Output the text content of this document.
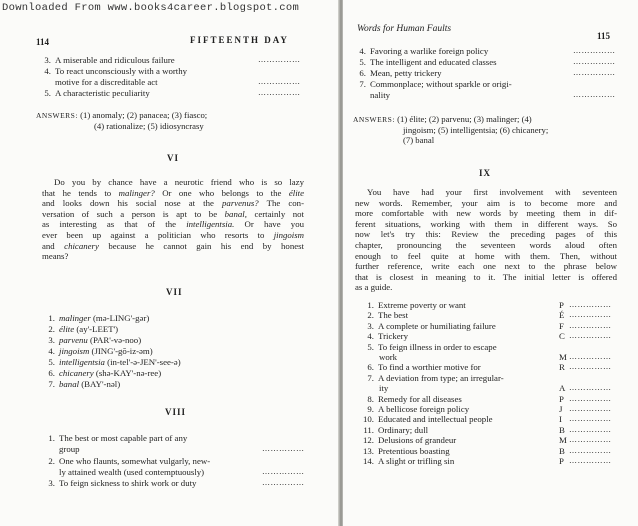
114	FIFTEENTH DAY
3. A miserable and ridiculous failure	……………
4. To react unconsciously with a worthy
motive for a discreditable act	……………
5. A characteristic peculiarity	……………
ANSWERS: (1) anomaly; (2) panacea; (3) fiasco;
(4) rationalize; (5) idiosyncrasy
VI
Do you by chance have a neurotic friend who is so lazy
that he tends to malinger? Or one who belongs to the élite
and looks down his social nose at the parvenus? The con-
versation of such a person is apt to be banal, certainly not
as interesting as that of the intelligentsia. Or have you
ever been up against a politician who resorts to jingoism
and chicanery because he cannot gain his end by honest
means?
VII
1. malinger (mə-LING'-gər)
2. élite (ay'-LEET')
3. parvenu (PAR'-və-noo)
4. jingoism (JING'-gō-iz-əm)
5. intelligentsia (in-tel'-ə-JEN'-see-ə)
6. chicanery (shə-KAY'-nə-ree)
7. banal (BAY'-nəl)
VIII
1. The best or most capable part of any
group	……………
2. One who flaunts, somewhat vulgarly, new-
ly attained wealth (used contemptuously)	……………
3. To feign sickness to shirk work or duty	……………
Words for Human Faults
115
4. Favoring a warlike foreign policy	……………
5. The intelligent and educated classes	……………
6. Mean, petty trickery	……………
7. Commonplace; without sparkle or origi-
nality	……………
ANSWERS: (1) élite; (2) parvenu; (3) malinger; (4)
jingoism; (5) intelligentsia; (6) chicanery;
(7) banal
IX
You have had your first involvement with seventeen
new words. Remember, your aim is to become more and
more comfortable with new words by meeting them in dif-
ferent situations, working with them in different ways. So
now let's try this: Review the preceding pages of this
chapter, pronouncing the seventeen words aloud often
enough to feel quite at home with them. Then, without
further reference, write each one next to the phrase below
that is closest in meaning to it. The initial letter is offered
as a guide.
1. Extreme poverty or want	P ……………
2. The best	É ……………
3. A complete or humiliating failure	F ……………
4. Trickery	C ……………
5. To feign illness in order to escape
work	M ……………
6. To find a worthier motive for	R ……………
7. A deviation from type; an irregular-
ity	A ……………
8. Remedy for all diseases	P ……………
9. A bellicose foreign policy	J ……………
10. Educated and intellectual people	I ……………
11. Ordinary; dull	B ……………
12. Delusions of grandeur	M ……………
13. Pretentious boasting	B ……………
14. A slight or trifling sin	P ……………
Downloaded From www.books4career.blogspot.com
